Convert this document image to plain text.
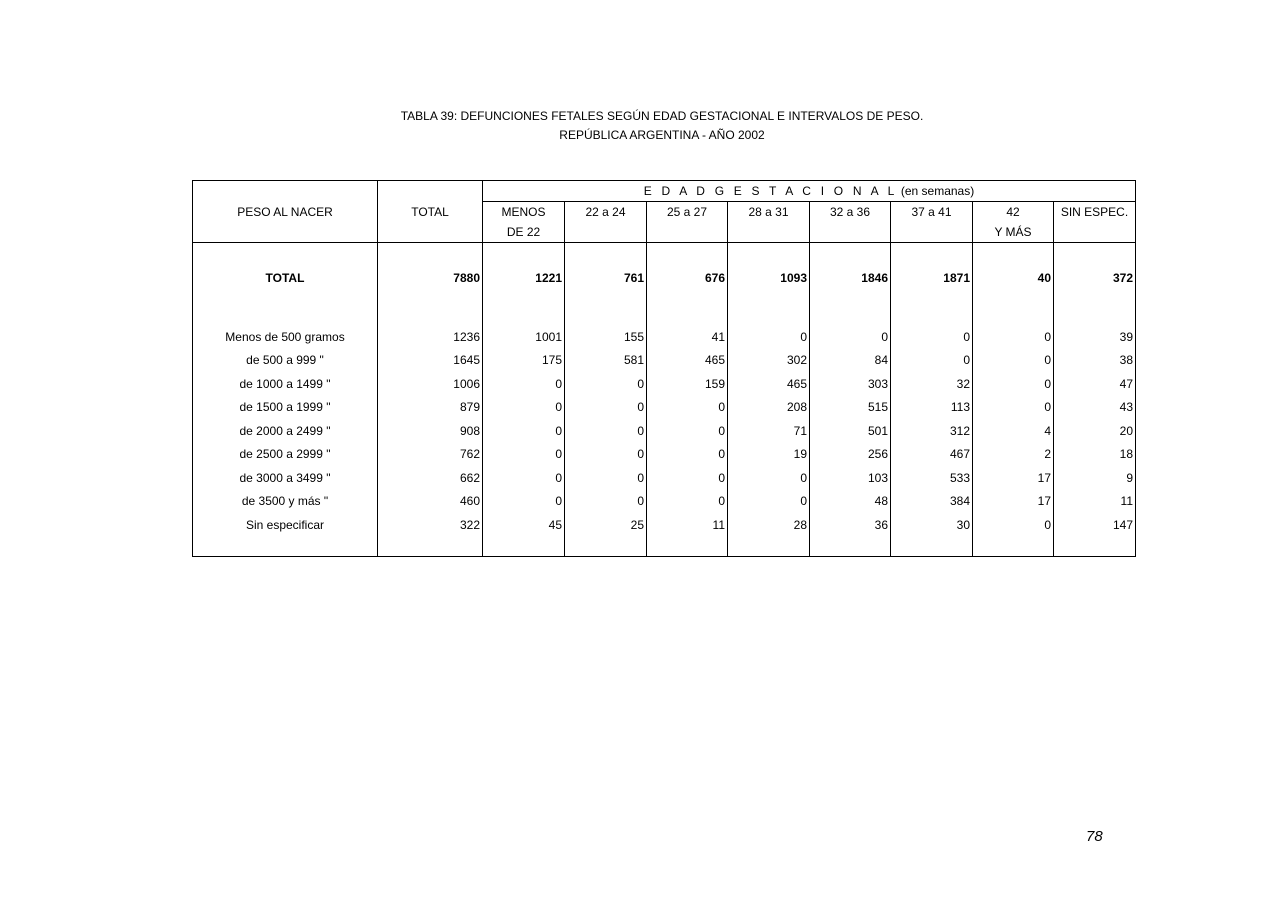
TABLA 39: DEFUNCIONES FETALES SEGÚN EDAD GESTACIONAL E INTERVALOS DE PESO.
REPÚBLICA ARGENTINA - AÑO 2002
PESO AL NACER	TOTAL	E D A D G E S T A C I O N A L (en semanas)							
		MENOS	22 a 24	25 a 27	28 a 31	32 a 36	37 a 41	42	SIN ESPEC.
		DE 22						Y MÁS	

TOTAL	7880	1221	761	676	1093	1846	1871	40	372

Menos de 500 gramos	1236	1001	155	41	0	0	0	0	39
de 500 a 999 "	1645	175	581	465	302	84	0	0	38
de 1000 a 1499 "	1006	0	0	159	465	303	32	0	47
de 1500 a 1999 "	879	0	0	0	208	515	113	0	43
de 2000 a 2499 "	908	0	0	0	71	501	312	4	20
de 2500 a 2999 "	762	0	0	0	19	256	467	2	18
de 3000 a 3499 "	662	0	0	0	0	103	533	17	9
de 3500 y más "	460	0	0	0	0	48	384	17	11
Sin especificar	322	45	25	11	28	36	30	0	147

78
